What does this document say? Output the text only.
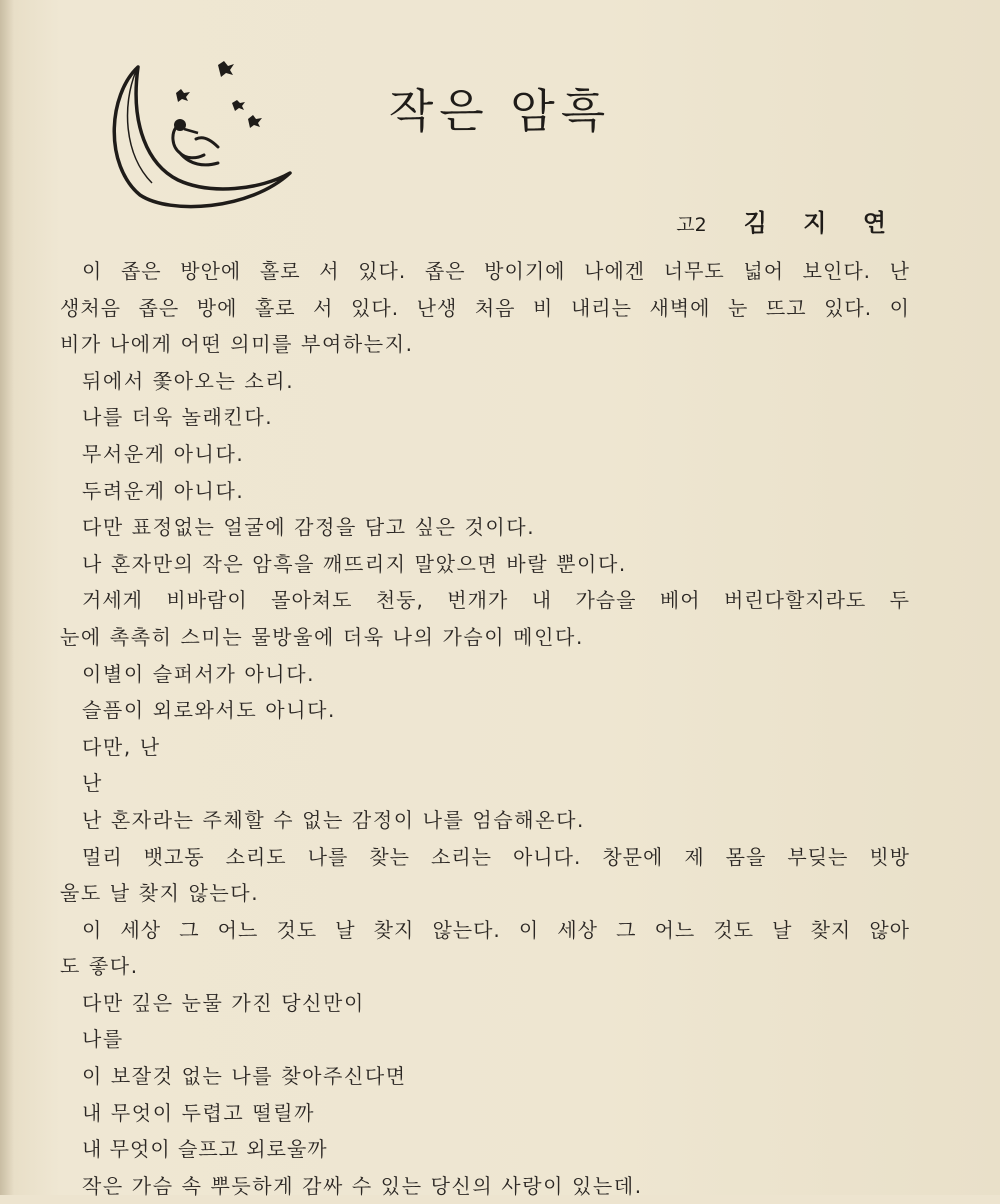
작은 암흑
고2 김 지 연
이 좁은 방안에 홀로 서 있다. 좁은 방이기에 나에겐 너무도 넓어 보인다. 난
생처음 좁은 방에 홀로 서 있다. 난생 처음 비 내리는 새벽에 눈 뜨고 있다. 이
비가 나에게 어떤 의미를 부여하는지.
뒤에서 쫓아오는 소리.
나를 더욱 놀래킨다.
무서운게 아니다.
두려운게 아니다.
다만 표정없는 얼굴에 감정을 담고 싶은 것이다.
나 혼자만의 작은 암흑을 깨뜨리지 말았으면 바랄 뿐이다.
거세게 비바람이 몰아쳐도 천둥, 번개가 내 가슴을 베어 버린다할지라도 두
눈에 촉촉히 스미는 물방울에 더욱 나의 가슴이 메인다.
이별이 슬퍼서가 아니다.
슬픔이 외로와서도 아니다.
다만, 난
난
난 혼자라는 주체할 수 없는 감정이 나를 엄습해온다.
멀리 뱃고동 소리도 나를 찾는 소리는 아니다. 창문에 제 몸을 부딪는 빗방
울도 날 찾지 않는다.
이 세상 그 어느 것도 날 찾지 않는다. 이 세상 그 어느 것도 날 찾지 않아
도 좋다.
다만 깊은 눈물 가진 당신만이
나를
이 보잘것 없는 나를 찾아주신다면
내 무엇이 두렵고 떨릴까
내 무엇이 슬프고 외로울까
작은 가슴 속 뿌듯하게 감싸 수 있는 당신의 사랑이 있는데.
